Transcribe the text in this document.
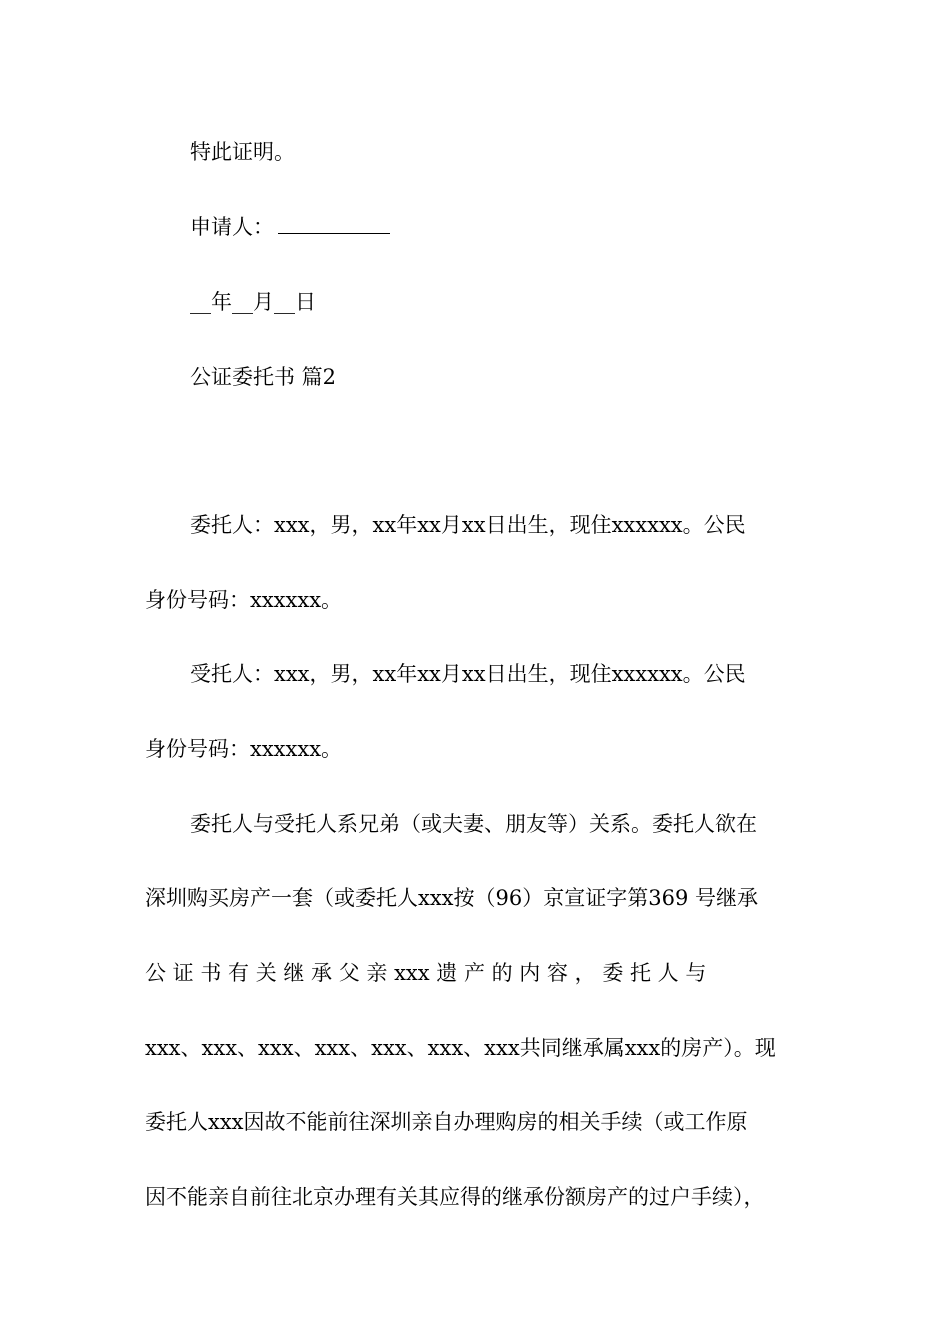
特此证明。
申请人：
__年__月__日
公证委托书 篇2
委托人：xxx，男，xx年xx月xx日出生，现住xxxxxx。公民
身份号码：xxxxxx。
受托人：xxx，男，xx年xx月xx日出生，现住xxxxxx。公民
身份号码：xxxxxx。
委托人与受托人系兄弟（或夫妻、朋友等）关系。委托人欲在
深圳购买房产一套（或委托人xxx按（96）京宣证字第369 号继承
公 证 书 有 关 继 承 父 亲 xxx 遗 产 的 内 容 ， 委 托 人 与
xxx、xxx、xxx、xxx、xxx、xxx、xxx共同继承属xxx的房产）。现
委托人xxx因故不能前往深圳亲自办理购房的相关手续（或工作原
因不能亲自前往北京办理有关其应得的继承份额房产的过户手续），
